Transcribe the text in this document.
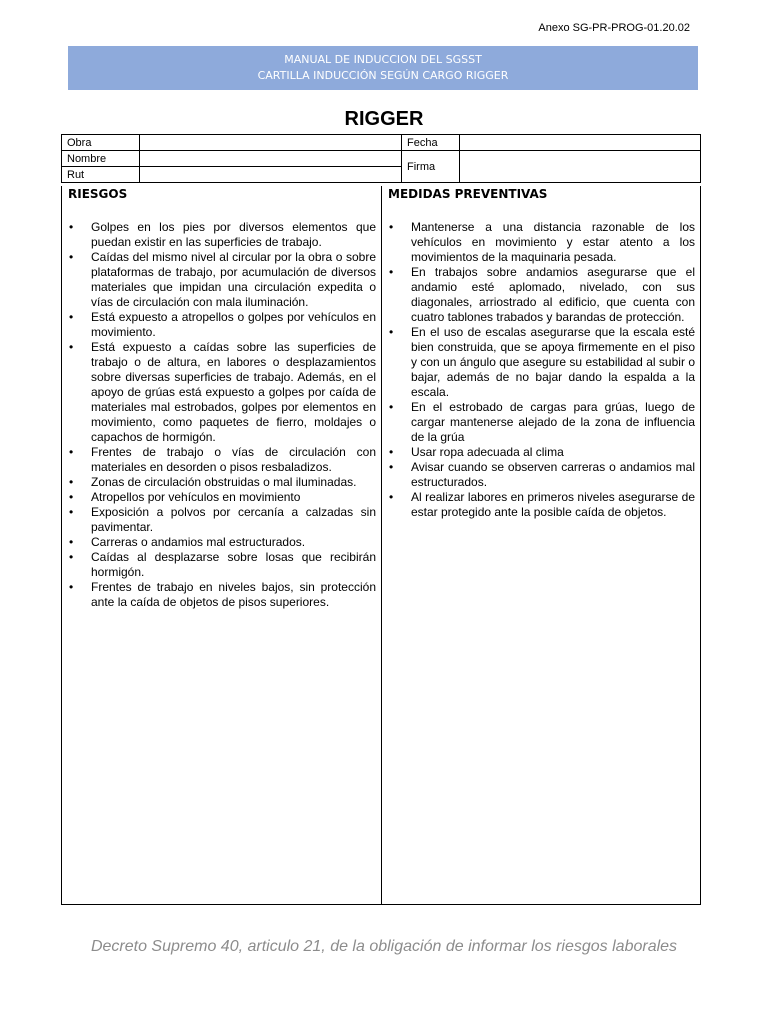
Anexo SG-PR-PROG-01.20.02
MANUAL DE INDUCCION DEL SGSST
CARTILLA INDUCCIÓN SEGÚN CARGO RIGGER
RIGGER
Obra		Fecha	
Nombre		Firma	
Rut			
RIESGOS
• Golpes en los pies por diversos elementos que puedan existir en las superficies de trabajo.
• Caídas del mismo nivel al circular por la obra o sobre plataformas de trabajo, por acumulación de diversos materiales que impidan una circulación expedita o vías de circulación con mala iluminación.
• Está expuesto a atropellos o golpes por vehículos en movimiento.
• Está expuesto a caídas sobre las superficies de trabajo o de altura, en labores o desplazamientos sobre diversas superficies de trabajo. Además, en el apoyo de grúas está expuesto a golpes por caída de materiales mal estrobados, golpes por elementos en movimiento, como paquetes de fierro, moldajes o capachos de hormigón.
• Frentes de trabajo o vías de circulación con materiales en desorden o pisos resbaladizos.
• Zonas de circulación obstruidas o mal iluminadas.
• Atropellos por vehículos en movimiento
• Exposición a polvos por cercanía a calzadas sin pavimentar.
• Carreras o andamios mal estructurados.
• Caídas al desplazarse sobre losas que recibirán hormigón.
• Frentes de trabajo en niveles bajos, sin protección ante la caída de objetos de pisos superiores.
MEDIDAS PREVENTIVAS
• Mantenerse a una distancia razonable de los vehículos en movimiento y estar atento a los movimientos de la maquinaria pesada.
• En trabajos sobre andamios asegurarse que el andamio esté aplomado, nivelado, con sus diagonales, arriostrado al edificio, que cuenta con cuatro tablones trabados y barandas de protección.
• En el uso de escalas asegurarse que la escala esté bien construida, que se apoya firmemente en el piso y con un ángulo que asegure su estabilidad al subir o bajar, además de no bajar dando la espalda a la escala.
• En el estrobado de cargas para grúas, luego de cargar mantenerse alejado de la zona de influencia de la grúa
• Usar ropa adecuada al clima
• Avisar cuando se observen carreras o andamios mal estructurados.
• Al realizar labores en primeros niveles asegurarse de estar protegido ante la posible caída de objetos.
Decreto Supremo 40, articulo 21, de la obligación de informar los riesgos laborales
